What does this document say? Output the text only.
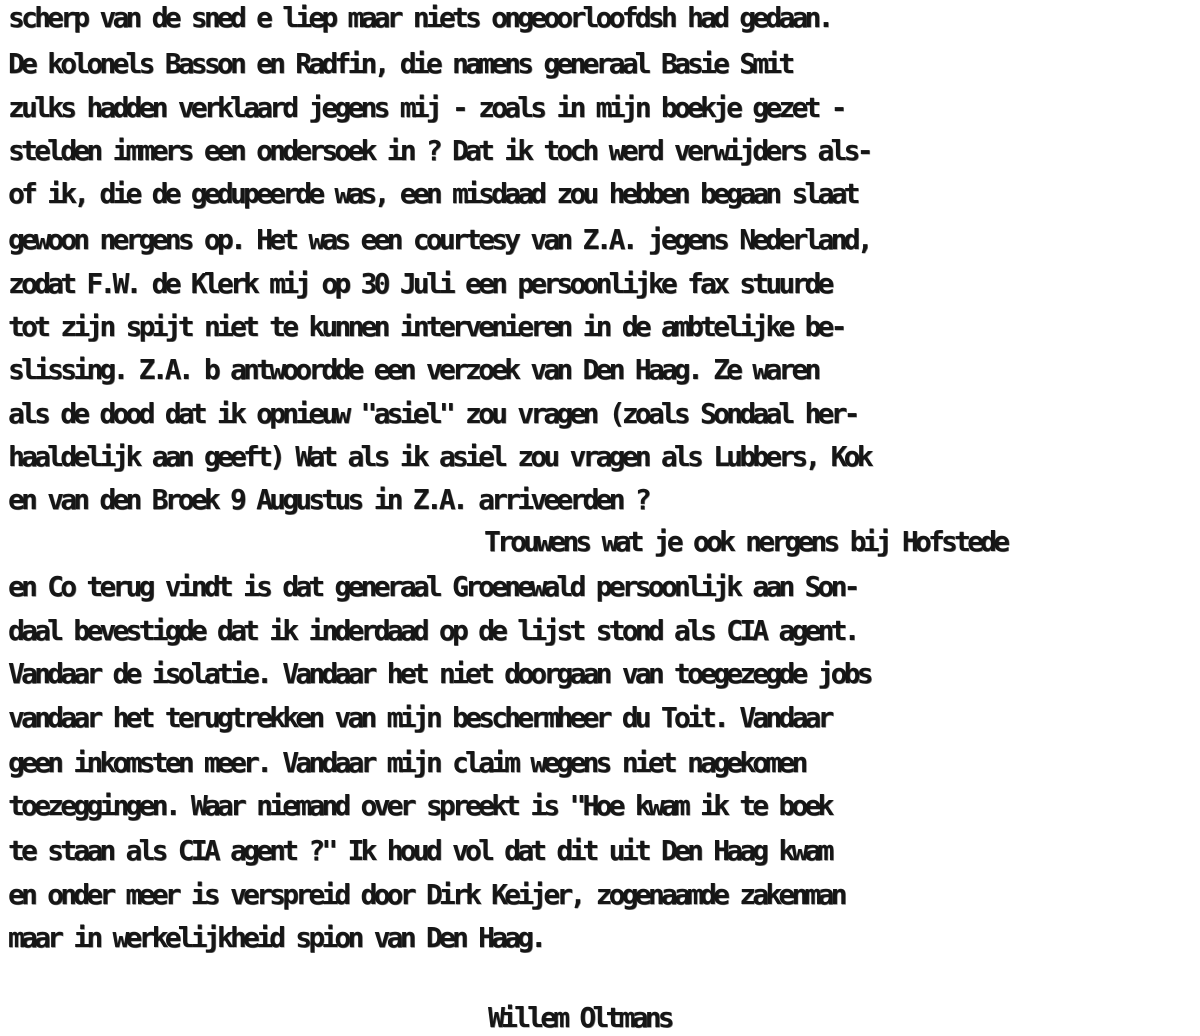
scherp van de sned e liep maar niets ongeoorloofdsh had gedaan.
De kolonels Basson en Radfin, die namens generaal Basie Smit
zulks hadden verklaard jegens mij - zoals in mijn boekje gezet -
stelden immers een ondersoek in ? Dat ik toch werd verwijders als-
of ik, die de gedupeerde was, een misdaad zou hebben begaan slaat
gewoon nergens op. Het was een courtesy van Z.A. jegens Nederland,
zodat F.W. de Klerk mij op 30 Juli een persoonlijke fax stuurde
tot zijn spijt niet te kunnen intervenieren in de ambtelijke be-
slissing. Z.A. b antwoordde een verzoek van Den Haag. Ze waren
als de dood dat ik opnieuw "asiel" zou vragen (zoals Sondaal her-
haaldelijk aan geeft) Wat als ik asiel zou vragen als Lubbers, Kok
en van den Broek 9 Augustus in Z.A. arriveerden ?
Trouwens wat je ook nergens bij Hofstede
en Co terug vindt is dat generaal Groenewald persoonlijk aan Son-
daal bevestigde dat ik inderdaad op de lijst stond als CIA agent.
Vandaar de isolatie. Vandaar het niet doorgaan van toegezegde jobs
vandaar het terugtrekken van mijn beschermheer du Toit. Vandaar
geen inkomsten meer. Vandaar mijn claim wegens niet nagekomen
toezeggingen. Waar niemand over spreekt is "Hoe kwam ik te boek
te staan als CIA agent ?" Ik houd vol dat dit uit Den Haag kwam
en onder meer is verspreid door Dirk Keijer, zogenaamde zakenman
maar in werkelijkheid spion van Den Haag.
Willem Oltmans
